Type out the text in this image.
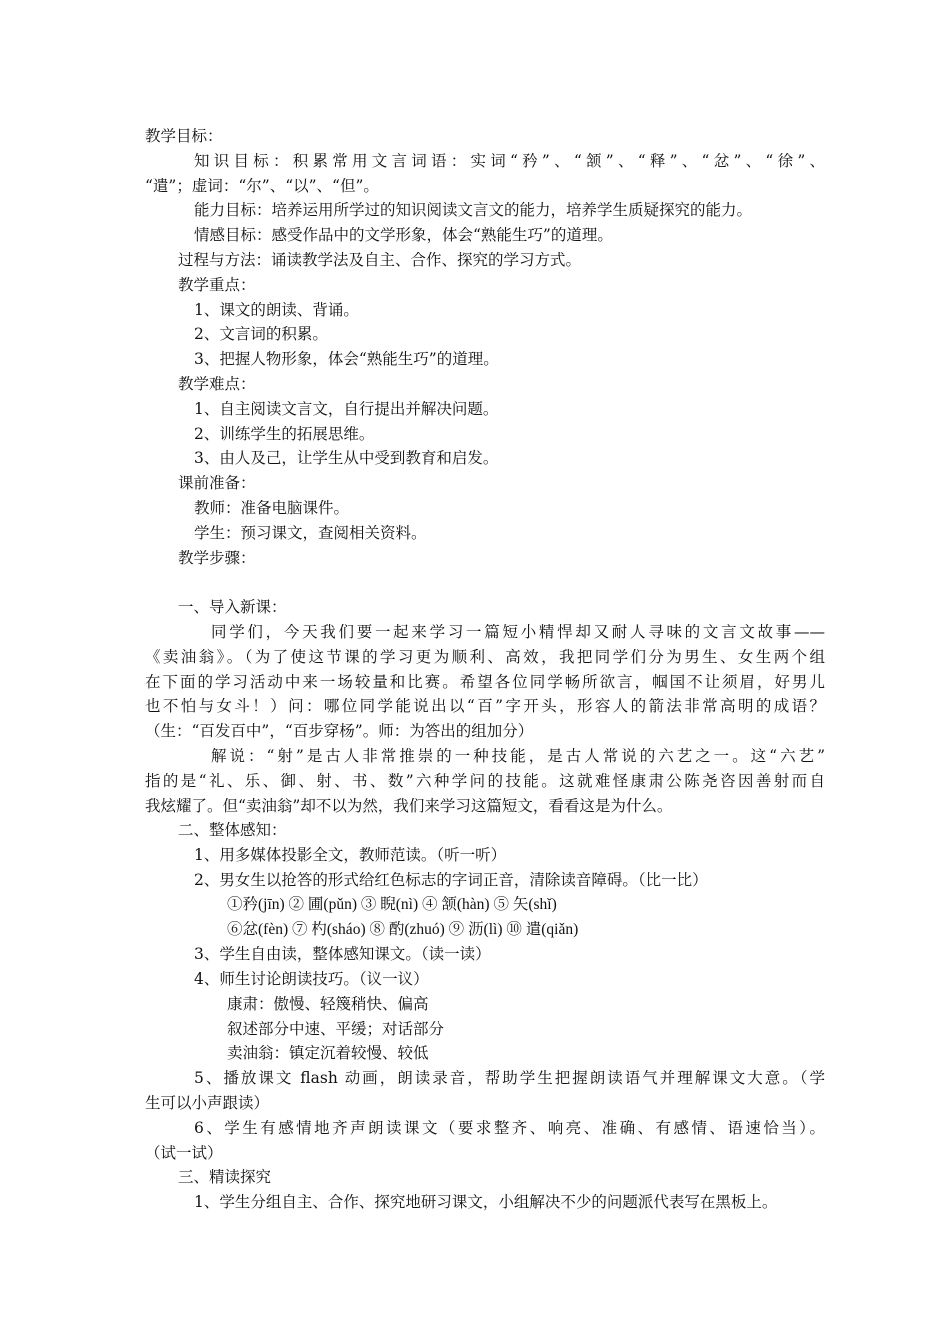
教学目标：
知识目标：积累常用文言词语：实词“矜”、“颔”、“释”、“忿”、“徐”、
“遣”；虚词：“尔”、“以”、“但”。
能力目标：培养运用所学过的知识阅读文言文的能力，培养学生质疑探究的能力。
情感目标：感受作品中的文学形象，体会“熟能生巧”的道理。
过程与方法：诵读教学法及自主、合作、探究的学习方式。
教学重点：
1、课文的朗读、背诵。
2、文言词的积累。
3、把握人物形象，体会“熟能生巧”的道理。
教学难点：
1、自主阅读文言文，自行提出并解决问题。
2、训练学生的拓展思维。
3、由人及己，让学生从中受到教育和启发。
课前准备：
教师：准备电脑课件。
学生：预习课文，查阅相关资料。
教学步骤：
一、导入新课：
同学们，今天我们要一起来学习一篇短小精悍却又耐人寻味的文言文故事——
《卖油翁》。（为了使这节课的学习更为顺利、高效，我把同学们分为男生、女生两个组
在下面的学习活动中来一场较量和比赛。希望各位同学畅所欲言，帼国不让须眉，好男儿
也不怕与女斗！）问：哪位同学能说出以“百”字开头，形容人的箭法非常高明的成语？
（生：“百发百中”，“百步穿杨”。师：为答出的组加分）
解说：“射”是古人非常推崇的一种技能，是古人常说的六艺之一。这“六艺”
指的是“礼、乐、御、射、书、数”六种学问的技能。这就难怪康肃公陈尧咨因善射而自
我炫耀了。但“卖油翁”却不以为然，我们来学习这篇短文，看看这是为什么。
二、整体感知：
1、用多媒体投影全文，教师范读。（听一听）
2、男女生以抢答的形式给红色标志的字词正音，清除读音障碍。（比一比）
①矜(jīn) ② 圃(pǔn) ③ 睨(nì) ④ 颔(hàn) ⑤ 矢(shǐ)
⑥忿(fèn) ⑦ 杓(sháo) ⑧ 酌(zhuó) ⑨ 沥(lì) ⑩ 遣(qiǎn)
3、学生自由读，整体感知课文。（读一读）
4、师生讨论朗读技巧。（议一议）
康肃：傲慢、轻篾稍快、偏高
叙述部分中速、平缓；对话部分
卖油翁：镇定沉着较慢、较低
5、播放课文 flash 动画，朗读录音，帮助学生把握朗读语气并理解课文大意。（学
生可以小声跟读）
6、学生有感情地齐声朗读课文（要求整齐、响亮、准确、有感情、语速恰当）。
（试一试）
三、精读探究
1、学生分组自主、合作、探究地研习课文，小组解决不少的问题派代表写在黑板上。
